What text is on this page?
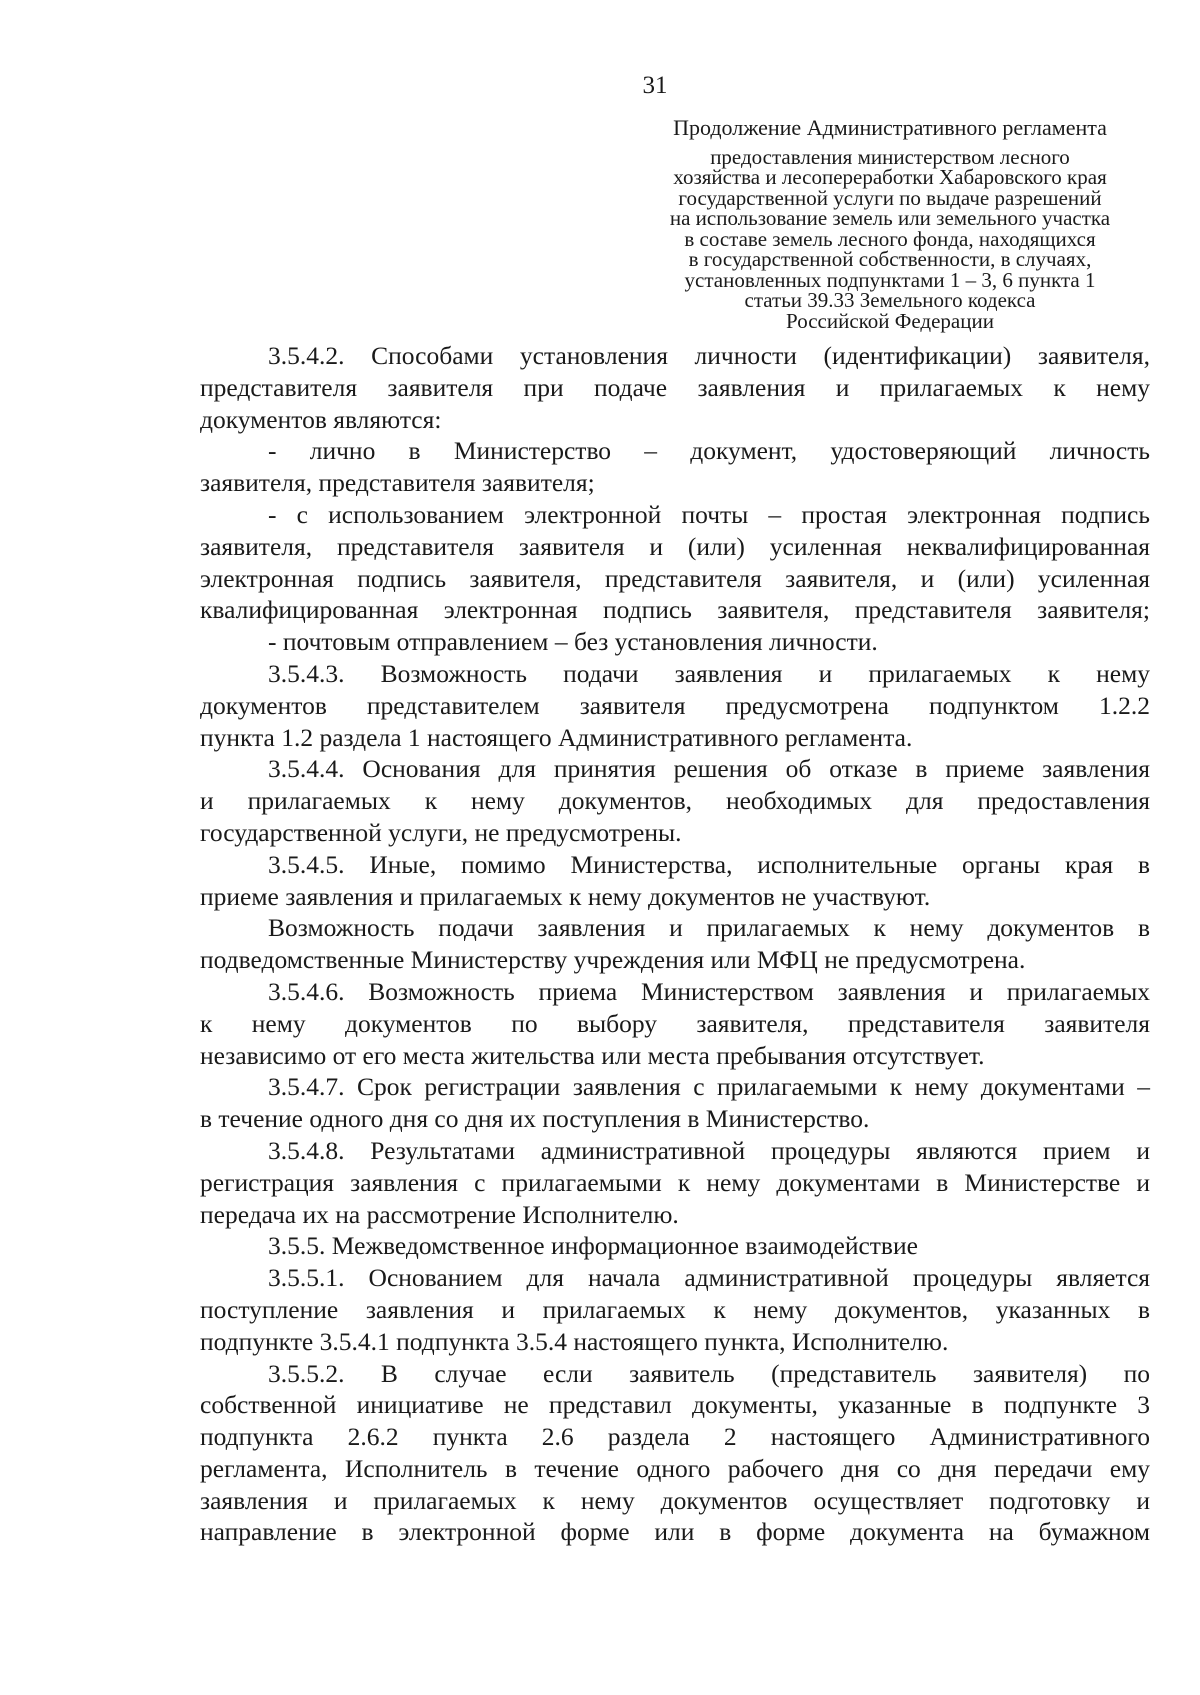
31
Продолжение Административного регламента
предоставления министерством лесного
хозяйства и лесопереработки Хабаровского края
государственной услуги по выдаче разрешений
на использование земель или земельного участка
в составе земель лесного фонда, находящихся
в государственной собственности, в случаях,
установленных подпунктами 1 – 3, 6 пункта 1
статьи 39.33 Земельного кодекса
Российской Федерации
3.5.4.2. Способами установления личности (идентификации) заявителя,
представителя заявителя при подаче заявления и прилагаемых к нему
документов являются:
- лично в Министерство – документ, удостоверяющий личность
заявителя, представителя заявителя;
- с использованием электронной почты – простая электронная подпись
заявителя, представителя заявителя и (или) усиленная неквалифицированная
электронная подпись заявителя, представителя заявителя, и (или) усиленная
квалифицированная электронная подпись заявителя, представителя заявителя;
- почтовым отправлением – без установления личности.
3.5.4.3. Возможность подачи заявления и прилагаемых к нему
документов представителем заявителя предусмотрена подпунктом 1.2.2
пункта 1.2 раздела 1 настоящего Административного регламента.
3.5.4.4. Основания для принятия решения об отказе в приеме заявления
и прилагаемых к нему документов, необходимых для предоставления
государственной услуги, не предусмотрены.
3.5.4.5. Иные, помимо Министерства, исполнительные органы края в
приеме заявления и прилагаемых к нему документов не участвуют.
Возможность подачи заявления и прилагаемых к нему документов в
подведомственные Министерству учреждения или МФЦ не предусмотрена.
3.5.4.6. Возможность приема Министерством заявления и прилагаемых
к нему документов по выбору заявителя, представителя заявителя
независимо от его места жительства или места пребывания отсутствует.
3.5.4.7. Срок регистрации заявления с прилагаемыми к нему документами –
в течение одного дня со дня их поступления в Министерство.
3.5.4.8. Результатами административной процедуры являются прием и
регистрация заявления с прилагаемыми к нему документами в Министерстве и
передача их на рассмотрение Исполнителю.
3.5.5. Межведомственное информационное взаимодействие
3.5.5.1. Основанием для начала административной процедуры является
поступление заявления и прилагаемых к нему документов, указанных в
подпункте 3.5.4.1 подпункта 3.5.4 настоящего пункта, Исполнителю.
3.5.5.2. В случае если заявитель (представитель заявителя) по
собственной инициативе не представил документы, указанные в подпункте 3
подпункта 2.6.2 пункта 2.6 раздела 2 настоящего Административного
регламента, Исполнитель в течение одного рабочего дня со дня передачи ему
заявления и прилагаемых к нему документов осуществляет подготовку и
направление в электронной форме или в форме документа на бумажном
